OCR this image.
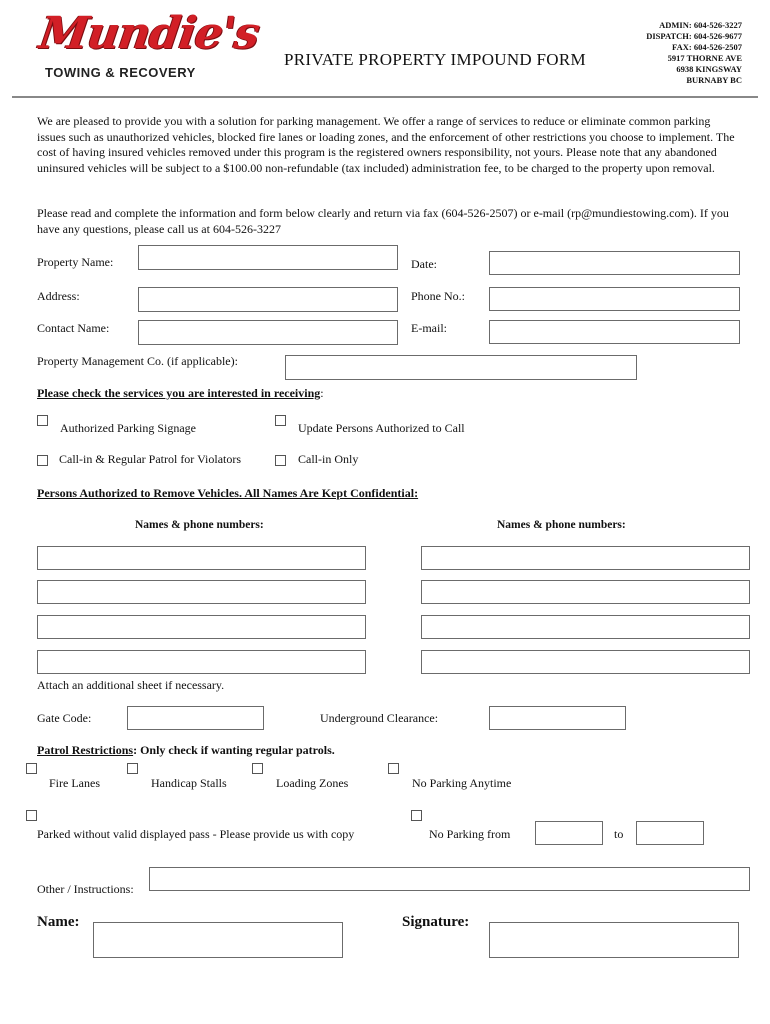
Mundie's
TOWING & RECOVERY
PRIVATE PROPERTY IMPOUND FORM
ADMIN: 604-526-3227
DISPATCH: 604-526-9677
FAX: 604-526-2507
5917 THORNE AVE
6938 KINGSWAY
BURNABY BC
We are pleased to provide you with a solution for parking management. We offer a range of services to reduce or eliminate common parking issues such as unauthorized vehicles, blocked fire lanes or loading zones, and the enforcement of other restrictions you choose to implement. The cost of having insured vehicles removed under this program is the registered owners responsibility, not yours. Please note that any abandoned uninsured vehicles will be subject to a $100.00 non-refundable (tax included) administration fee, to be charged to the property upon removal.
Please read and complete the information and form below clearly and return via fax (604-526-2507) or e-mail (rp@mundiestowing.com). If you have any questions, please call us at 604-526-3227
Property Name:	Date:
Address:	Phone No.:
Contact Name:	E-mail:
Property Management Co. (if applicable):
Please check the services you are interested in receiving:
Authorized Parking Signage	Update Persons Authorized to Call
Call-in & Regular Patrol for Violators	Call-in Only
Persons Authorized to Remove Vehicles. All Names Are Kept Confidential:
Names & phone numbers:	Names & phone numbers:
Attach an additional sheet if necessary.
Gate Code:	Underground Clearance:
Patrol Restrictions: Only check if wanting regular patrols.
Fire Lanes	Handicap Stalls	Loading Zones	No Parking Anytime
Parked without valid displayed pass - Please provide us with copy	No Parking from	to
Other / Instructions:
Name:	Signature:
